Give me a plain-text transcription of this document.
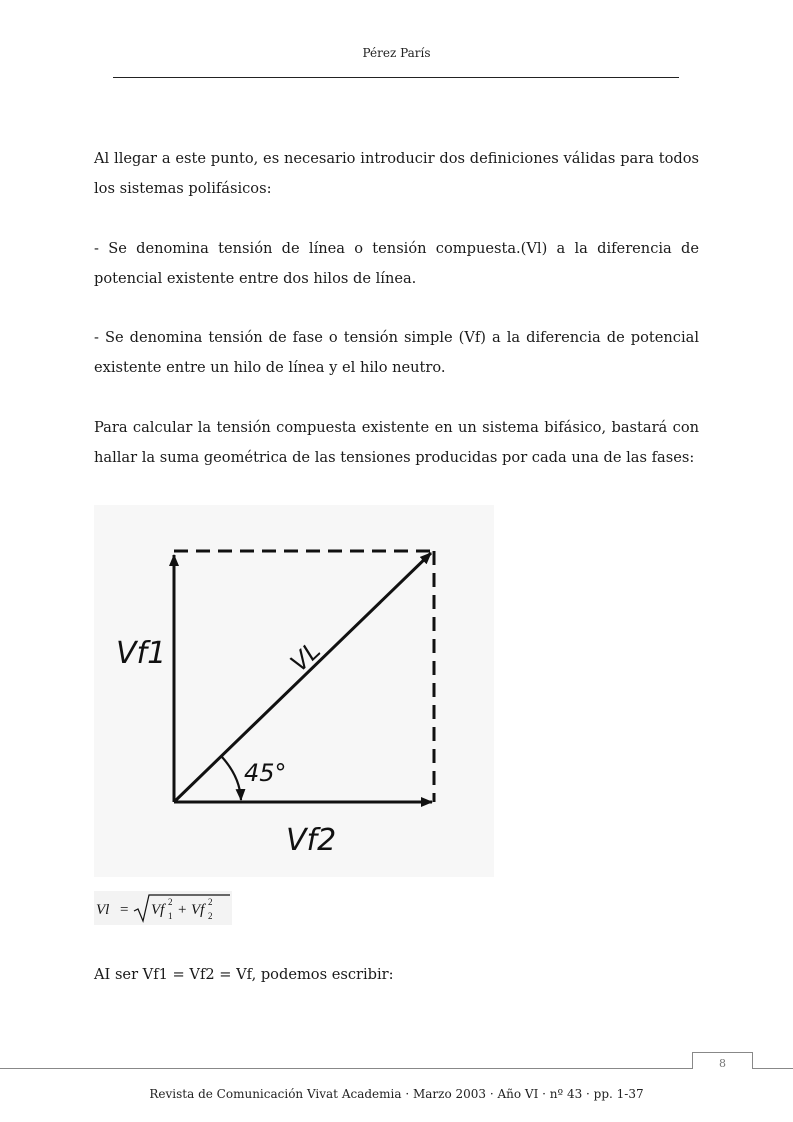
Pérez París

Al llegar a este punto, es necesario introducir dos definiciones válidas para todos los sistemas polifásicos:

- Se denomina tensión de línea o tensión compuesta.(Vl) a la diferencia de potencial existente entre dos hilos de línea.

- Se denomina tensión de fase o tensión simple (Vf) a la diferencia de potencial existente entre un hilo de línea y el hilo neutro.

Para calcular la tensión compuesta existente en un sistema bifásico, bastará con hallar la suma geométrica de las tensiones producidas por cada una de las fases:

Vf1	VL
45°
Vf2
Vl = Vf 1
2 + Vf 2
2

AI ser Vf1 = Vf2 = Vf, podemos escribir:

8
Revista de Comunicación Vivat Academia · Marzo 2003 · Año VI · nº 43 · pp. 1-37
